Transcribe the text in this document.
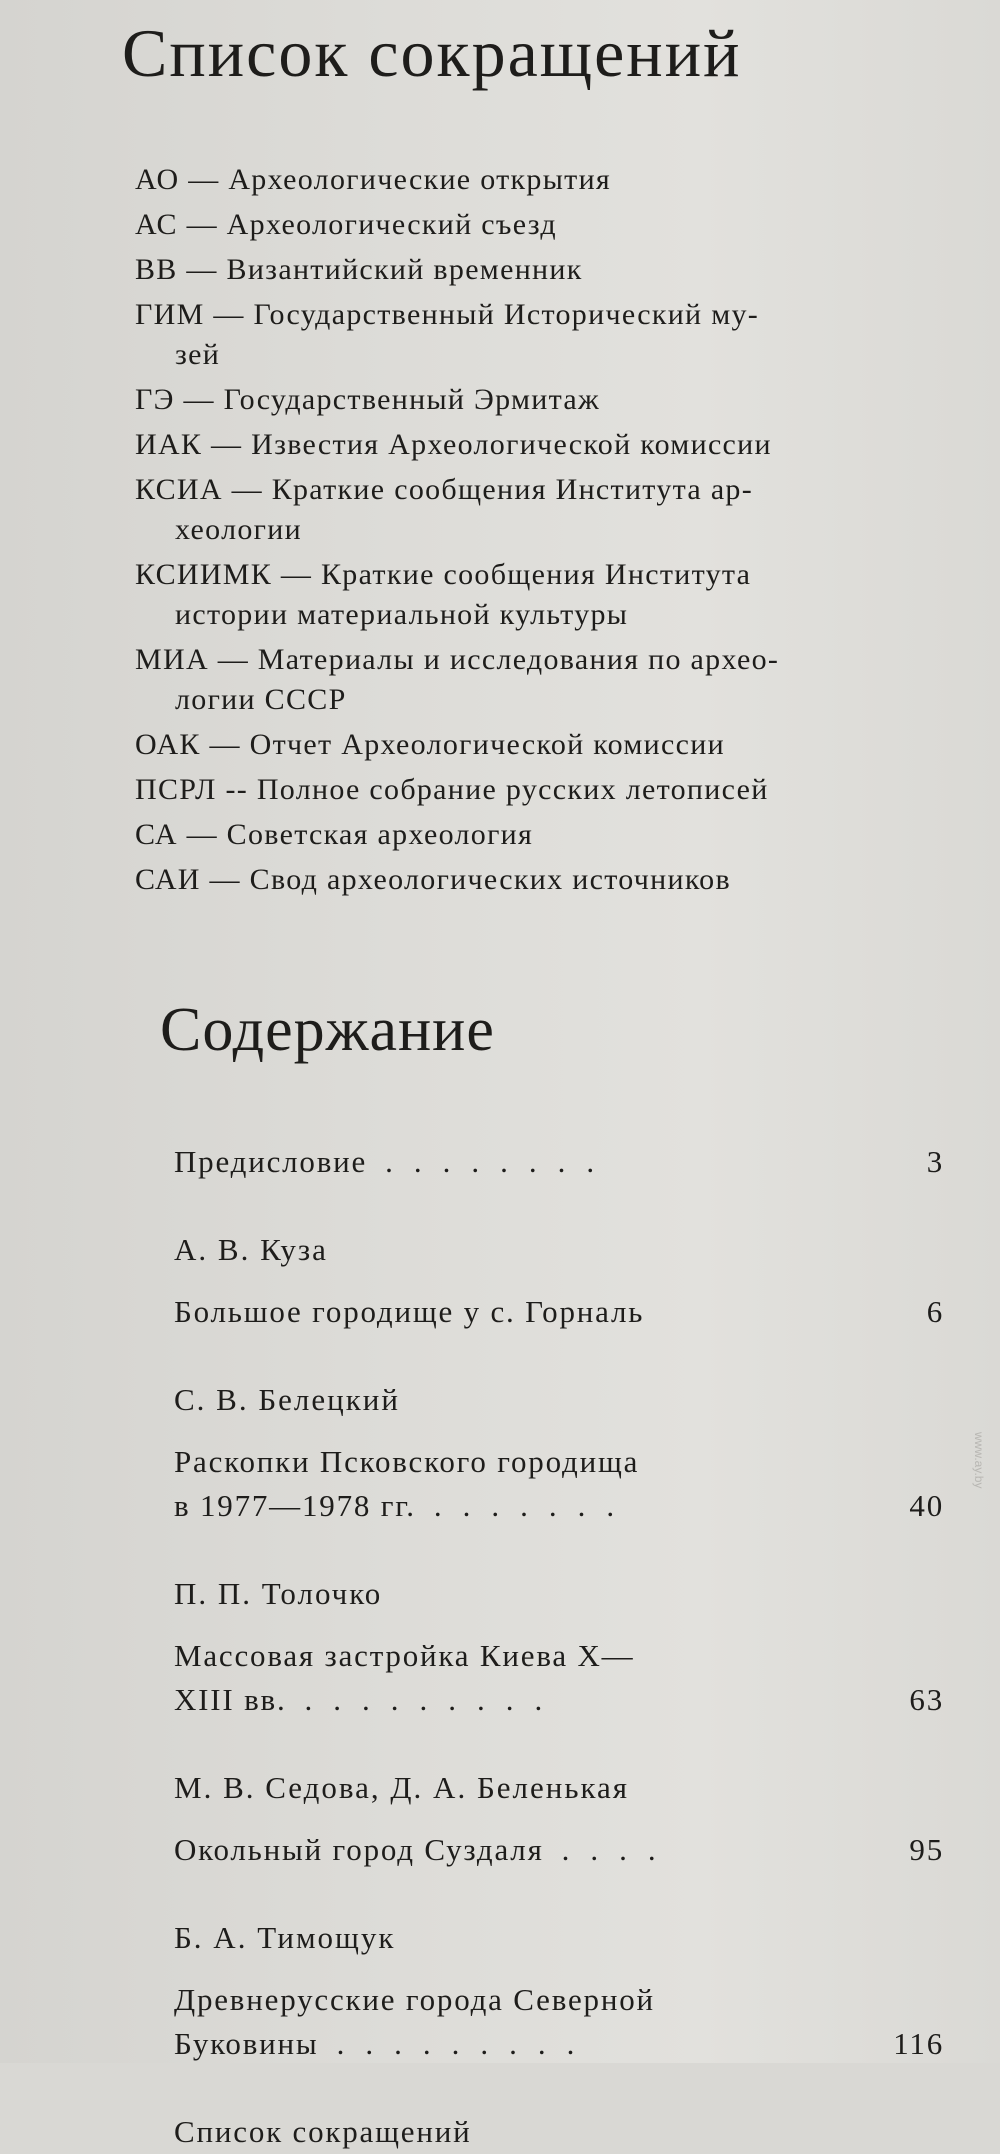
Список сокращений
АО — Археологические открытия
АС — Археологический съезд
ВВ — Византийский временник
ГИМ — Государственный Исторический му-
зей
ГЭ — Государственный Эрмитаж
ИАК — Известия Археологической комиссии
КСИА — Краткие сообщения Института ар-
хеологии
КСИИМК — Краткие сообщения Института
истории материальной культуры
МИА — Материалы и исследования по архео-
логии СССР
ОАК — Отчет Археологической комиссии
ПСРЛ -- Полное собрание русских летописей
СА — Советская археология
САИ — Свод археологических источников
Содержание
Предисловие ........	3
А. В. Куза
Большое городище у с. Горналь	6
С. В. Белецкий
Раскопки Псковского городища
в 1977—1978 гг. .......	40
П. П. Толочко
Массовая застройка Киева X—
XIII вв. .........	63
М. В. Седова, Д. А. Беленькая
Окольный город Суздаля ....	95
Б. А. Тимощук
Древнерусские города Северной
Буковины .........	116
Список сокращений
www.ay.by
